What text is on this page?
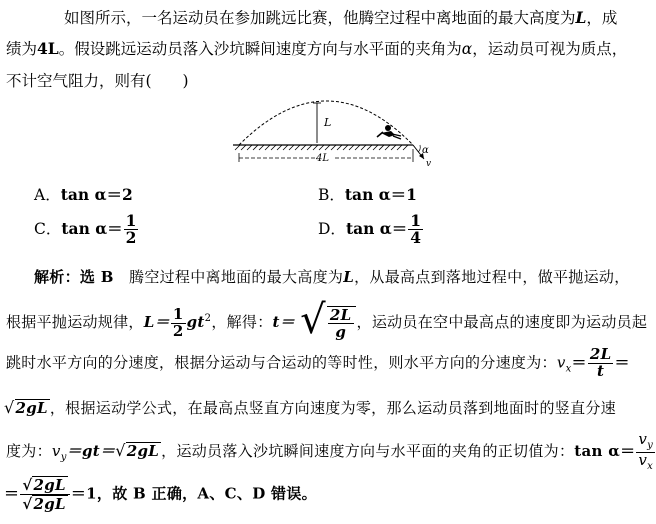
如图所示，一名运动员在参加跳远比赛，他腾空过程中离地面的最大高度为L，成
绩为4L。假设跳远运动员落入沙坑瞬间速度方向与水平面的夹角为α，运动员可视为质点，
不计空气阻力，则有(　　)
L
4L
α
v
A．tan α＝2	B．tan α＝1
C．$\tan \alpha= \frac{1}{2}$	D．$\tan \alpha= \frac{1}{4}$
解析：选 B　 腾空过程中离地面的最大高度为L，从最高点到落地过程中，做平抛运动，
根据平抛运动规律，$L= \frac{1}{2} gt^2$，解得：t＝ √ $\frac{2L}{g}$ ，运动员在空中最高点的速度即为运动员起
跳时水平方向的分速度，根据分运动与合运动的等时性，则水平方向的分速度为：$v_x= \frac{2L}{t}$ ＝
√2gL ，根据运动学公式，在最高点竖直方向速度为零，那么运动员落到地面时的竖直分速
度为：$v_y=gt=√2gL$ ，运动员落入沙坑瞬间速度方向与水平面的夹角的正切值为：$\tan \alpha= \frac{v_y}{v_x}$
＝ $\frac{√2gL}{√2gL} =1$，故 B 正确，A、C、D 错误。
